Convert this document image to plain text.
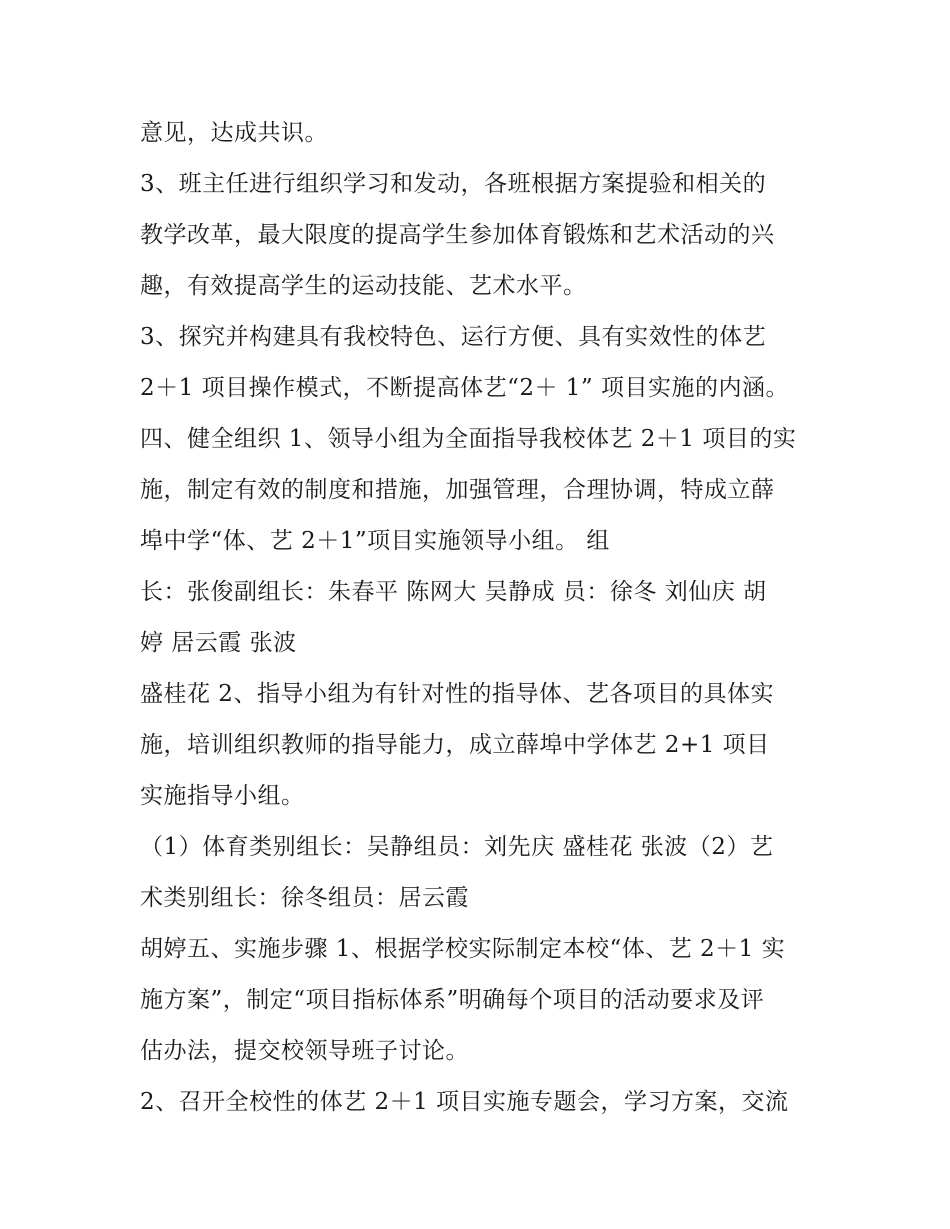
意见，达成共识。
3、班主任进行组织学习和发动，各班根据方案提验和相关的
教学改革，最大限度的提高学生参加体育锻炼和艺术活动的兴
趣，有效提高学生的运动技能、艺术水平。
3、探究并构建具有我校特色、运行方便、具有实效性的体艺
2＋1 项目操作模式，不断提高体艺“2＋ 1” 项目实施的内涵。
四、健全组织 1、领导小组为全面指导我校体艺 2＋1 项目的实
施，制定有效的制度和措施，加强管理，合理协调，特成立薛
埠中学“体、艺 2＋1”项目实施领导小组。 组
长：张俊副组长：朱春平 陈网大 吴静成 员：徐冬 刘仙庆 胡
婷 居云霞 张波
盛桂花 2、指导小组为有针对性的指导体、艺各项目的具体实
施，培训组织教师的指导能力，成立薛埠中学体艺 2+1 项目
实施指导小组。
（1）体育类别组长：吴静组员：刘先庆 盛桂花 张波（2）艺
术类别组长：徐冬组员：居云霞
胡婷五、实施步骤 1、根据学校实际制定本校“体、艺 2＋1 实
施方案”，制定“项目指标体系”明确每个项目的活动要求及评
估办法，提交校领导班子讨论。
2、召开全校性的体艺 2＋1 项目实施专题会，学习方案，交流
